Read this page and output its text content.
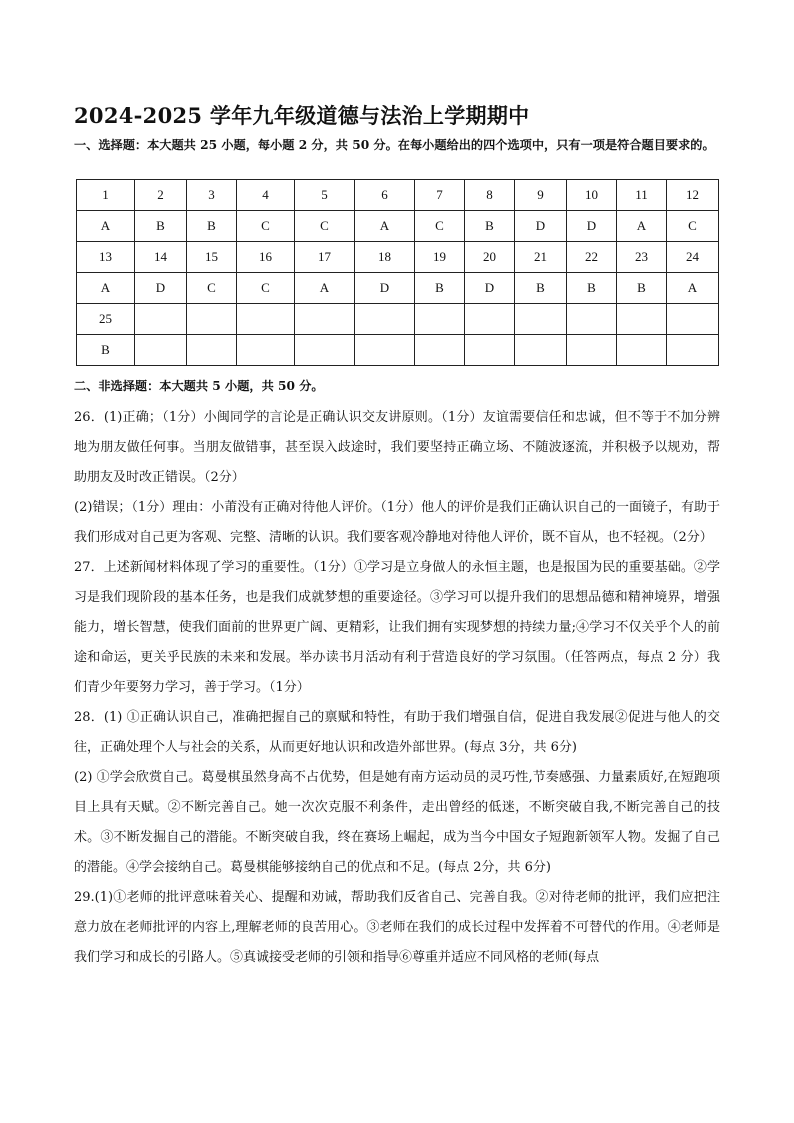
2024-2025 学年九年级道德与法治上学期期中
一、选择题：本大题共 25 小题，每小题 2 分，共 50 分。在每小题给出的四个选项中，只有一项是符合题目要求的。
1	2	3	4	5	6	7	8	9	10	11	12
A	B	B	C	C	A	C	B	D	D	A	C
13	14	15	16	17	18	19	20	21	22	23	24
A	D	C	C	A	D	B	D	B	B	B	A
25											
B											
二、非选择题：本大题共 5 小题，共 50 分。

26．(1)正确；（1分）小闽同学的言论是正确认识交友讲原则。（1分）友谊需要信任和忠诚，但不等于不加分辨地为朋友做任何事。当朋友做错事，甚至误入歧途时，我们要坚持正确立场、不随波逐流，并积极予以规劝，帮助朋友及时改正错误。（2分）

(2)错误；（1分）理由：小莆没有正确对待他人评价。（1分）他人的评价是我们正确认识自己的一面镜子，有助于我们形成对自己更为客观、完整、清晰的认识。我们要客观冷静地对待他人评价，既不盲从，也不轻视。（2分）

27．上述新闻材料体现了学习的重要性。（1分）①学习是立身做人的永恒主题，也是报国为民的重要基础。②学习是我们现阶段的基本任务，也是我们成就梦想的重要途径。③学习可以提升我们的思想品德和精神境界，增强能力，增长智慧，使我们面前的世界更广阔、更精彩，让我们拥有实现梦想的持续力量;④学习不仅关乎个人的前途和命运，更关乎民族的未来和发展。举办读书月活动有利于营造良好的学习氛围。（任答两点，每点 2 分）我们青少年要努力学习，善于学习。（1分）

28．(1) ①正确认识自己，准确把握自己的禀赋和特性，有助于我们增强自信，促进自我发展②促进与他人的交往，正确处理个人与社会的关系，从而更好地认识和改造外部世界。(每点 3分，共 6分)

(2) ①学会欣赏自己。葛曼棋虽然身高不占优势，但是她有南方运动员的灵巧性,节奏感强、力量素质好,在短跑项目上具有天赋。②不断完善自己。她一次次克服不利条件，走出曾经的低迷，不断突破自我,不断完善自己的技术。③不断发掘自己的潜能。不断突破自我，终在赛场上崛起，成为当今中国女子短跑新领军人物。发掘了自己的潜能。④学会接纳自己。葛曼棋能够接纳自己的优点和不足。(每点 2分，共 6分)

29.(1)①老师的批评意味着关心、提醒和劝诫，帮助我们反省自己、完善自我。②对待老师的批评，我们应把注意力放在老师批评的内容上,理解老师的良苦用心。③老师在我们的成长过程中发挥着不可替代的作用。④老师是我们学习和成长的引路人。⑤真诚接受老师的引领和指导⑥尊重并适应不同风格的老师(每点
